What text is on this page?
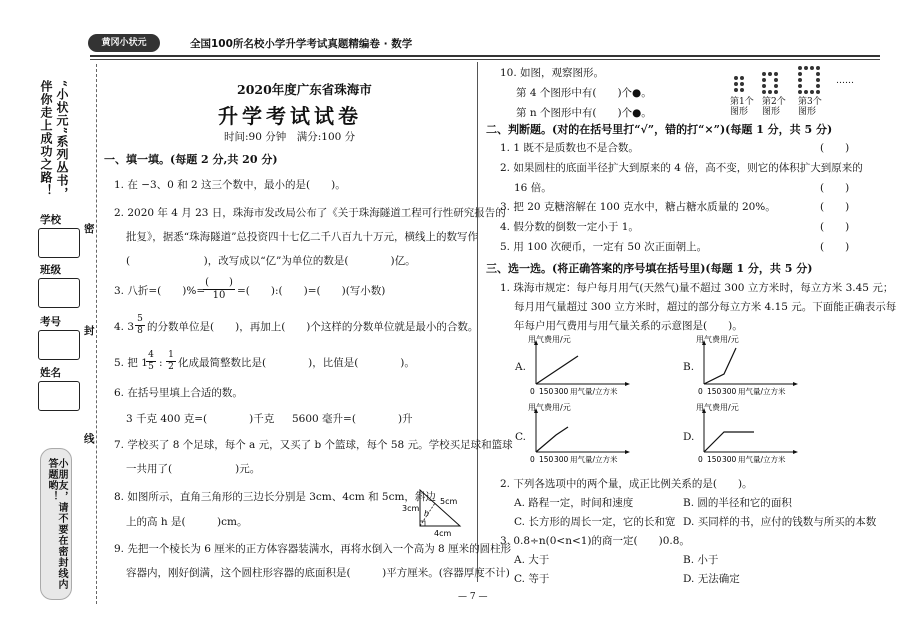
黄冈小状元	全国100所名校小学升学考试真题精编卷 · 数学
“小状元”系列丛书，伴你走上成功之路！
学校
班级
考号
姓名
小朋友，请不要在密封线内答题哟！
密
封
线
2020年度广东省珠海市
升学考试试卷
时间:90 分钟　满分:100 分
一、填一填。(每题 2 分,共 20 分)
1. 在 −3、0 和 2 这三个数中，最小的是(　　)。
2. 2020 年 4 月 23 日，珠海市发改局公布了《关于珠海隧道工程可行性研究报告的
批复》，据悉“珠海隧道”总投资四十七亿二千八百九十万元，横线上的数写作
(　　　　　　　)，改写成以“亿”为单位的数是(　　　　)亿。
3. 八折=(　　)%=
(　　)
10	=(　　):(　　)=(　　)(写小数)
4. $3 \frac{5}{8}$ 的分数单位是(　　)，再加上(　　)个这样的分数单位就是最小的合数。
5. 把 1
$\frac{4}{5}$ : $\frac{1}{2}$ 化成最简整数比是(　　　　)，比值是(　　　　)。
6. 在括号里填上合适的数。
3 千克 400 克=(　　　　)千克 5600 毫升=(　　　　)升
7. 学校买了 8 个足球，每个 a 元，又买了 b 个篮球，每个 58 元。学校买足球和篮球
一共用了(　　　　　　)元。
8. 如图所示，直角三角形的三边长分别是 3cm、4cm 和 5cm，斜边
上的高 h 是(　　　)cm。
5cm
3cm
h
4cm
9. 先把一个棱长为 6 厘米的正方体容器装满水，再将水倒入一个高为 8 厘米的圆柱形
容器内，刚好倒满，这个圆柱形容器的底面积是(　　　)平方厘米。(容器厚度不计)
10. 如图，观察图形。
第 4 个图形中有(　　)个●。
第 n 个图形中有(　　)个●。
……
第1个图形
第2个图形
第3个图形
二、判断题。(对的在括号里打“√”，错的打“×”)(每题 1 分，共 5 分)
1. 1 既不是质数也不是合数。	(　　)
2. 如果圆柱的底面半径扩大到原来的 4 倍，高不变，则它的体积扩大到原来的
16 倍。	(　　)
3. 把 20 克糖溶解在 100 克水中，糖占糖水质量的 20%。	(　　)
4. 假分数的倒数一定小于 1。	(　　)
5. 用 100 次硬币，一定有 50 次正面朝上。	(　　)
三、选一选。(将正确答案的序号填在括号里)(每题 1 分，共 5 分)
1. 珠海市规定：每户每月用气(天然气)量不超过 300 立方米时，每立方米 3.45 元；
每月用气量超过 300 立方米时，超过的部分每立方米 4.15 元。下面能正确表示每
年每户用气费用与用气量关系的示意图是(　　)。
A.
用气费用/元
0 150 300 用气量/立方米
B.
用气费用/元
0 150 300 用气量/立方米
C.
用气费用/元
0 150 300 用气量/立方米
D.
用气费用/元
0 150 300 用气量/立方米
2. 下列各选项中的两个量，成正比例关系的是(　　)。
A. 路程一定，时间和速度	B. 圆的半径和它的面积
C. 长方形的周长一定，它的长和宽 D. 买同样的书，应付的钱数与所买的本数
3. 0.8÷n(0<n<1)的商一定(　　)0.8。
A. 大于	B. 小于
C. 等于	D. 无法确定
— 7 —
